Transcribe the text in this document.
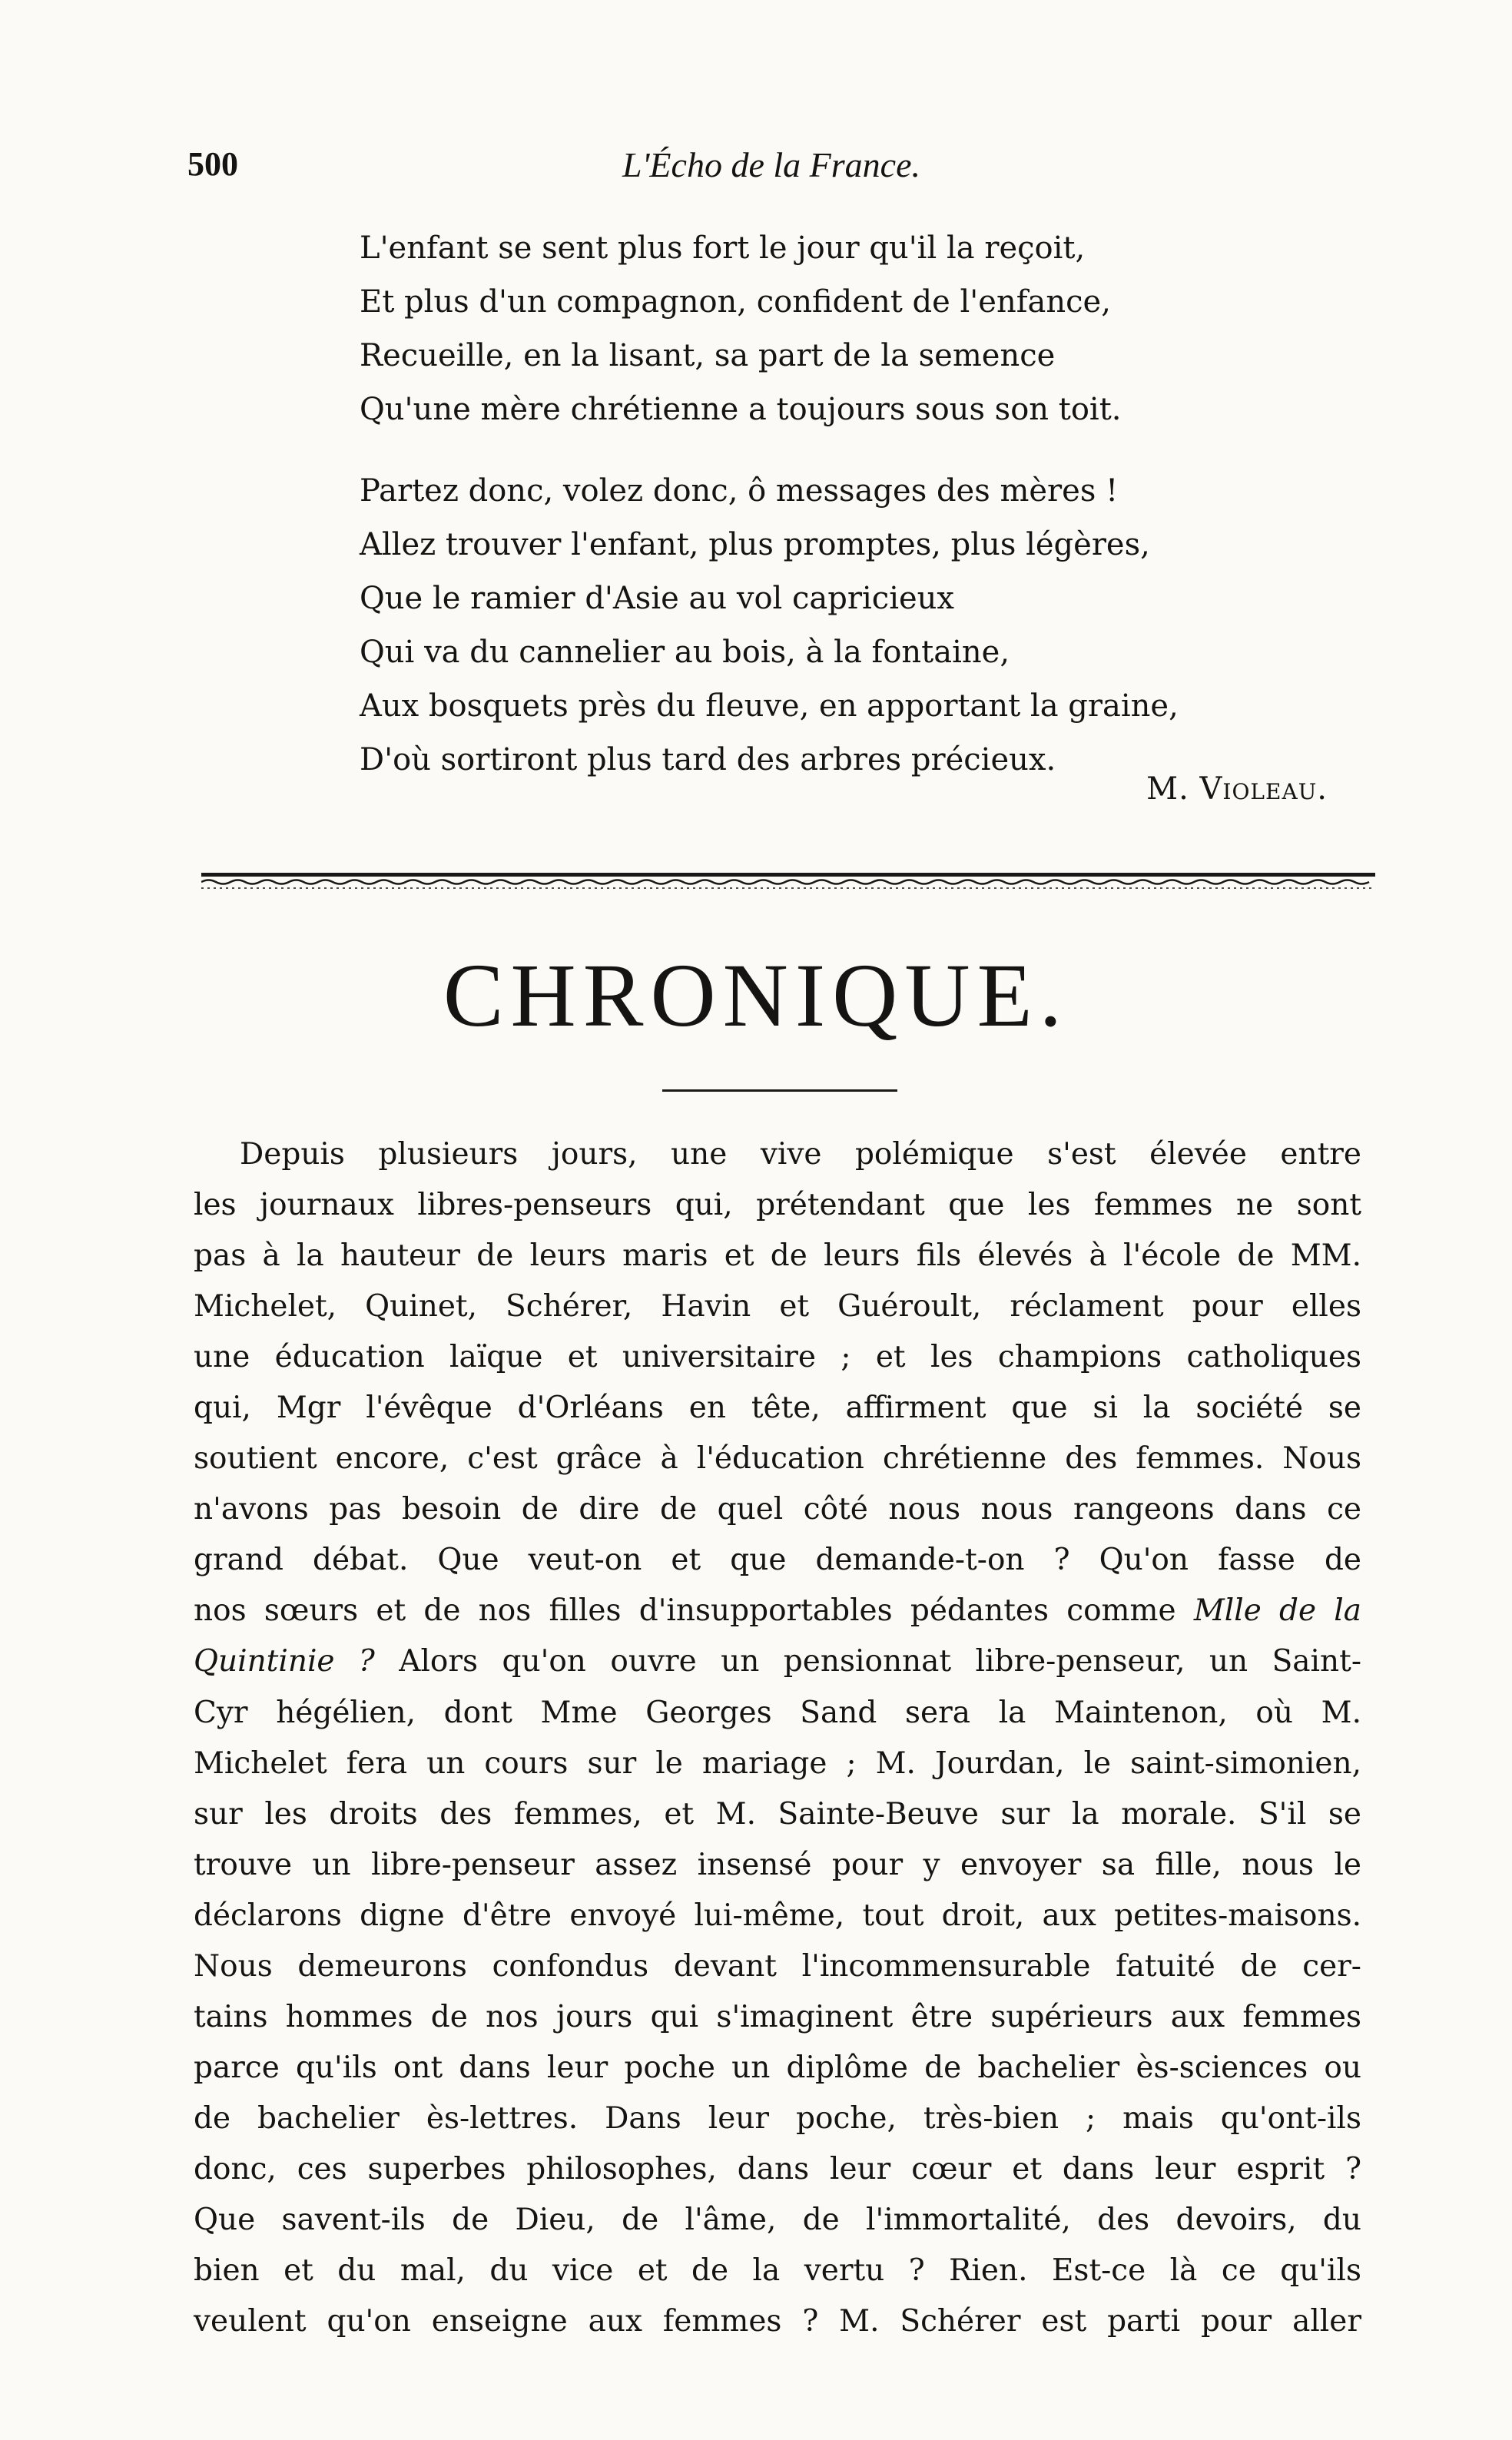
500	L'Écho de la France.
L'enfant se sent plus fort le jour qu'il la reçoit,
Et plus d'un compagnon, confident de l'enfance,
Recueille, en la lisant, sa part de la semence
Qu'une mère chrétienne a toujours sous son toit.
Partez donc, volez donc, ô messages des mères !
Allez trouver l'enfant, plus promptes, plus légères,
Que le ramier d'Asie au vol capricieux
Qui va du cannelier au bois, à la fontaine,
Aux bosquets près du fleuve, en apportant la graine,
D'où sortiront plus tard des arbres précieux.
M. Violeau.
CHRONIQUE.
Depuis plusieurs jours, une vive polémique s'est élevée entre
les journaux libres-penseurs qui, prétendant que les femmes ne sont
pas à la hauteur de leurs maris et de leurs fils élevés à l'école de MM.
Michelet, Quinet, Schérer, Havin et Guéroult, réclament pour elles
une éducation laïque et universitaire ; et les champions catholiques
qui, Mgr l'évêque d'Orléans en tête, affirment que si la société se
soutient encore, c'est grâce à l'éducation chrétienne des femmes. Nous
n'avons pas besoin de dire de quel côté nous nous rangeons dans ce
grand débat. Que veut-on et que demande-t-on ? Qu'on fasse de
nos sœurs et de nos filles d'insupportables pédantes comme Mlle de la
Quintinie ? Alors qu'on ouvre un pensionnat libre-penseur, un Saint-
Cyr hégélien, dont Mme Georges Sand sera la Maintenon, où M.
Michelet fera un cours sur le mariage ; M. Jourdan, le saint-simonien,
sur les droits des femmes, et M. Sainte-Beuve sur la morale. S'il se
trouve un libre-penseur assez insensé pour y envoyer sa fille, nous le
déclarons digne d'être envoyé lui-même, tout droit, aux petites-maisons.
Nous demeurons confondus devant l'incommensurable fatuité de cer-
tains hommes de nos jours qui s'imaginent être supérieurs aux femmes
parce qu'ils ont dans leur poche un diplôme de bachelier ès-sciences ou
de bachelier ès-lettres. Dans leur poche, très-bien ; mais qu'ont-ils
donc, ces superbes philosophes, dans leur cœur et dans leur esprit ?
Que savent-ils de Dieu, de l'âme, de l'immortalité, des devoirs, du
bien et du mal, du vice et de la vertu ? Rien. Est-ce là ce qu'ils
veulent qu'on enseigne aux femmes ? M. Schérer est parti pour aller
